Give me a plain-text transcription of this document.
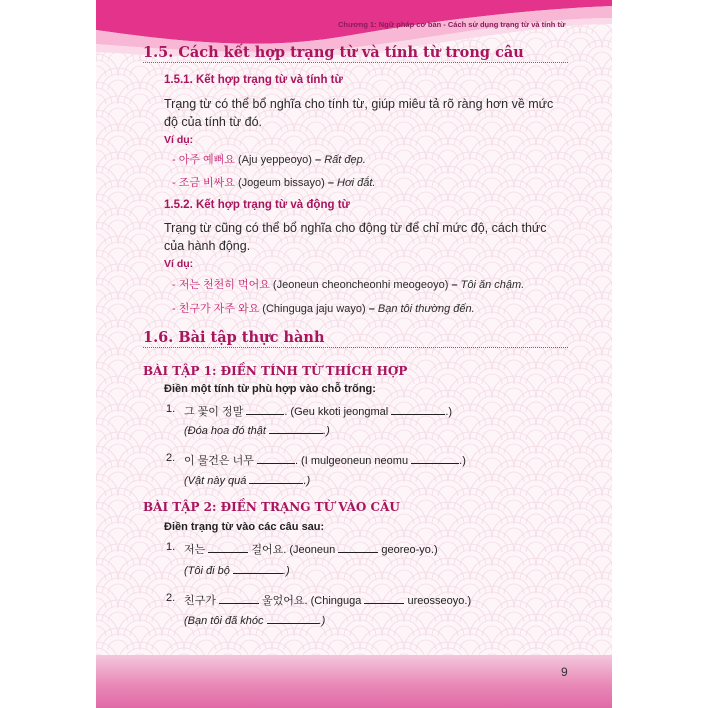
Chương 1: Ngữ pháp cơ bản - Cách sử dụng trạng từ và tính từ
1.5. Cách kết hợp trạng từ và tính từ trong câu
1.5.1. Kết hợp trạng từ và tính từ
Trạng từ có thể bổ nghĩa cho tính từ, giúp miêu tả rõ ràng hơn về mức
độ của tính từ đó.
Ví dụ:
- 아주 예뻐요 (Aju yeppeoyo) – Rất đẹp.
- 조금 비싸요 (Jogeum bissayo) – Hơi đắt.
1.5.2. Kết hợp trạng từ và động từ
Trạng từ cũng có thể bổ nghĩa cho động từ để chỉ mức độ, cách thức
của hành động.
Ví dụ:
- 저는 천천히 먹어요 (Jeoneun cheoncheonhi meogeoyo) – Tôi ăn chậm.
- 친구가 자주 와요 (Chinguga jaju wayo) – Bạn tôi thường đến.
1.6. Bài tập thực hành
BÀI TẬP 1: ĐIỀN TÍNH TỪ THÍCH HỢP
Điền một tính từ phù hợp vào chỗ trống:
1. 그 꽃이 정말	. (Geu kkoti jeongmal	.)
(Đóa hoa đó thật	.)
2. 이 물건은 너무	. (I mulgeoneun neomu	.)
(Vật này quá	.)
BÀI TẬP 2: ĐIỀN TRẠNG TỪ VÀO CÂU
Điền trạng từ vào các câu sau:
1. 저는	걸어요. (Jeoneun	georeo-yo.)
(Tôi đi bộ	.)
2. 친구가	울었어요. (Chinguga	ureosseoyo.)
(Bạn tôi đã khóc	.)
9
